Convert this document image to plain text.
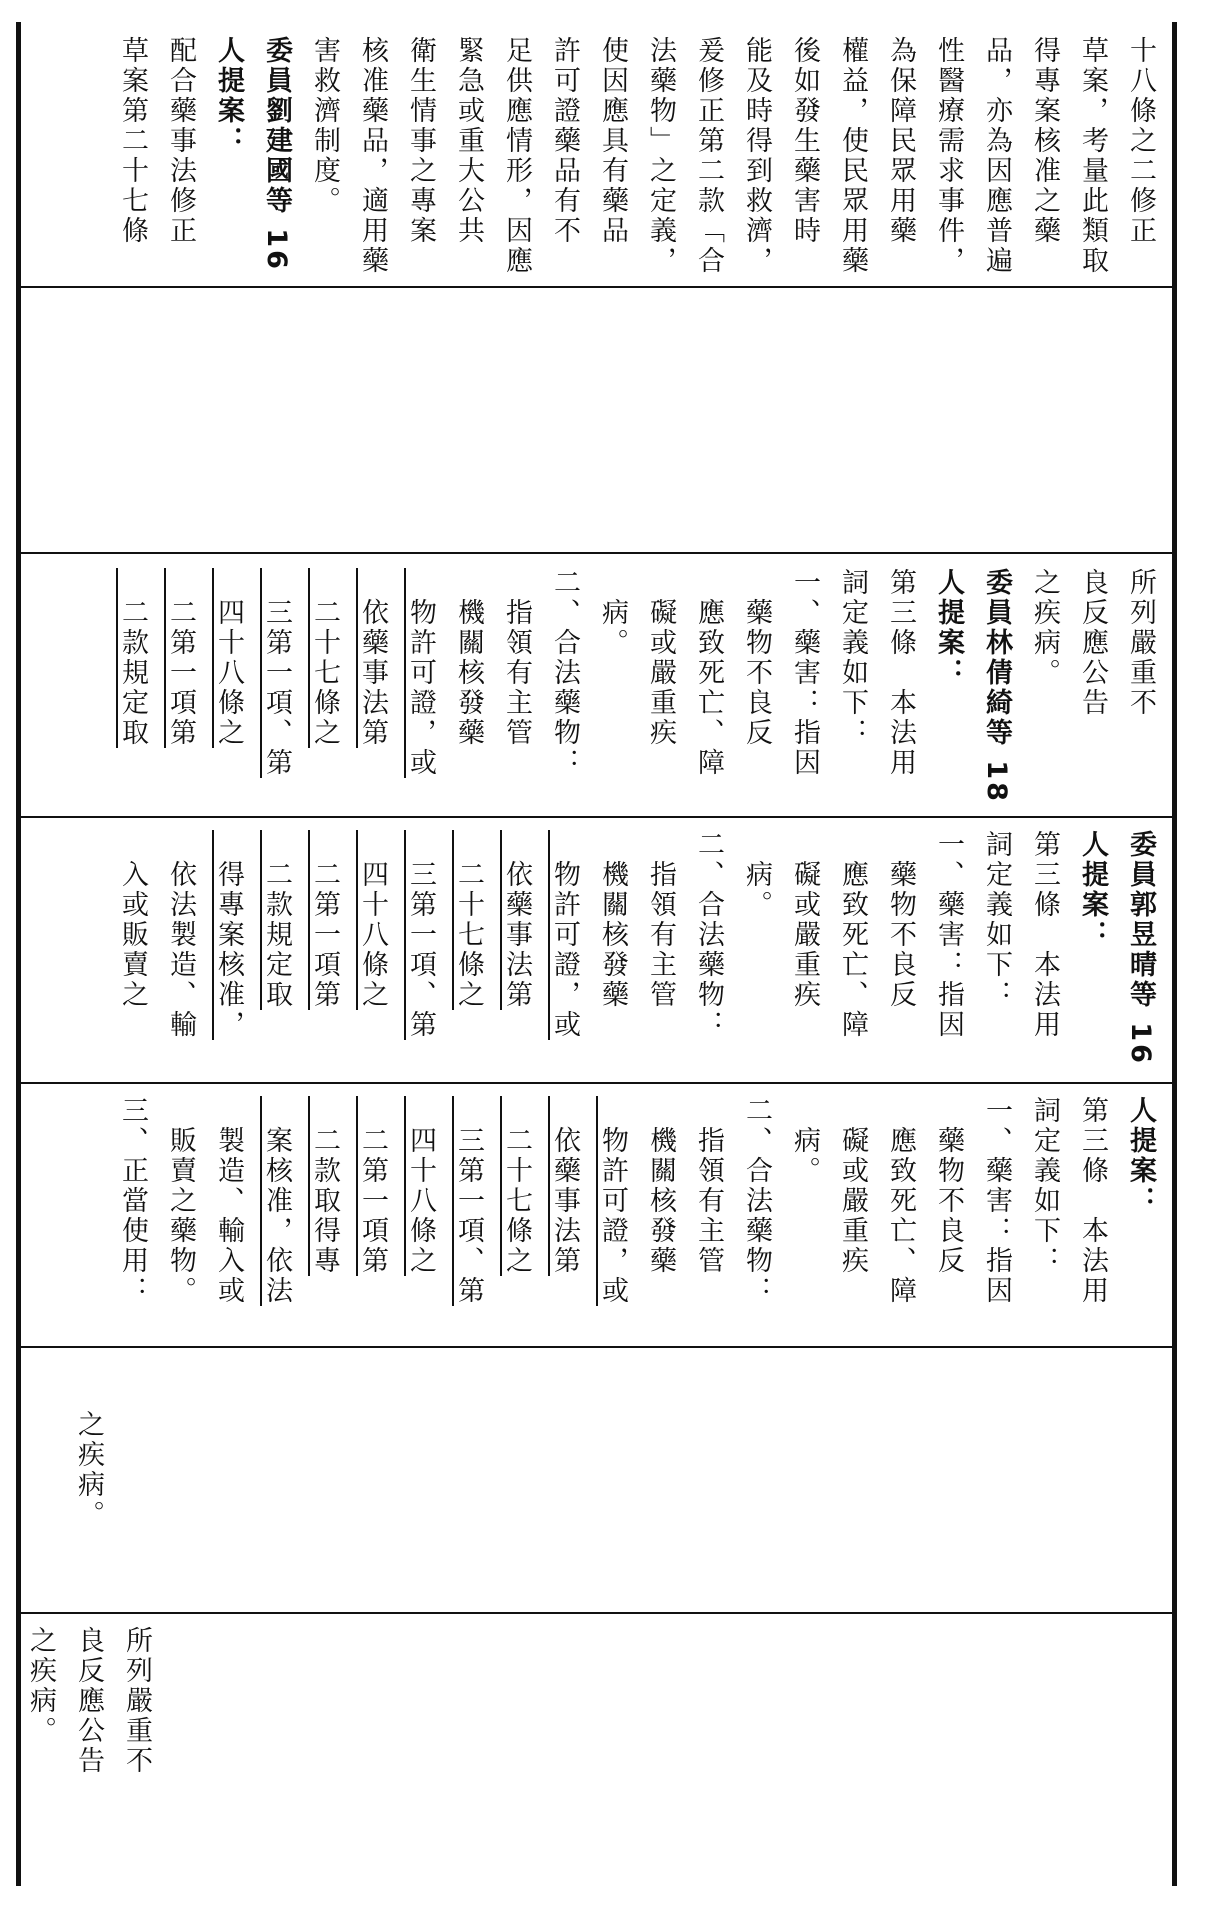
十八條之二修正
草案，考量此類取
得專案核准之藥
品，亦為因應普遍
性醫療需求事件，
為保障民眾用藥
權益，使民眾用藥
後如發生藥害時
能及時得到救濟，
爰修正第二款「合
法藥物」之定義，
使因應具有藥品
許可證藥品有不
足供應情形，因應
緊急或重大公共
衛生情事之專案
核准藥品，適用藥
害救濟制度。
委員劉建國等 16
人提案：
配合藥事法修正
草案第二十七條
所列嚴重不
良反應公告
之疾病。
委員林倩綺等 18
人提案：
第三條　本法用
詞定義如下：
一、藥害：指因
　藥物不良反
　應致死亡、障
　礙或嚴重疾
　病。
二、合法藥物：
　指領有主管
　機關核發藥
　物許可證，或
　依藥事法第
　二十七條之
　三第一項、第
　四十八條之
　二第一項第
　二款規定取
委員郭昱晴等 16
人提案：
第三條　本法用
詞定義如下：
一、藥害：指因
　藥物不良反
　應致死亡、障
　礙或嚴重疾
　病。
二、合法藥物：
　指領有主管
　機關核發藥
　物許可證，或
　依藥事法第
　二十七條之
　三第一項、第
　四十八條之
　二第一項第
　二款規定取
　得專案核准，
　依法製造、輸
　入或販賣之
人提案：
第三條　本法用
詞定義如下：
一、藥害：指因
　藥物不良反
　應致死亡、障
　礙或嚴重疾
　病。
二、合法藥物：
　指領有主管
　機關核發藥
　物許可證，或
　依藥事法第
　二十七條之
　三第一項、第
　四十八條之
　二第一項第
　二款取得專
　案核准，依法
　製造、輸入或
　販賣之藥物。
三、正當使用：
　之疾病。
所列嚴重不
良反應公告
之疾病。
